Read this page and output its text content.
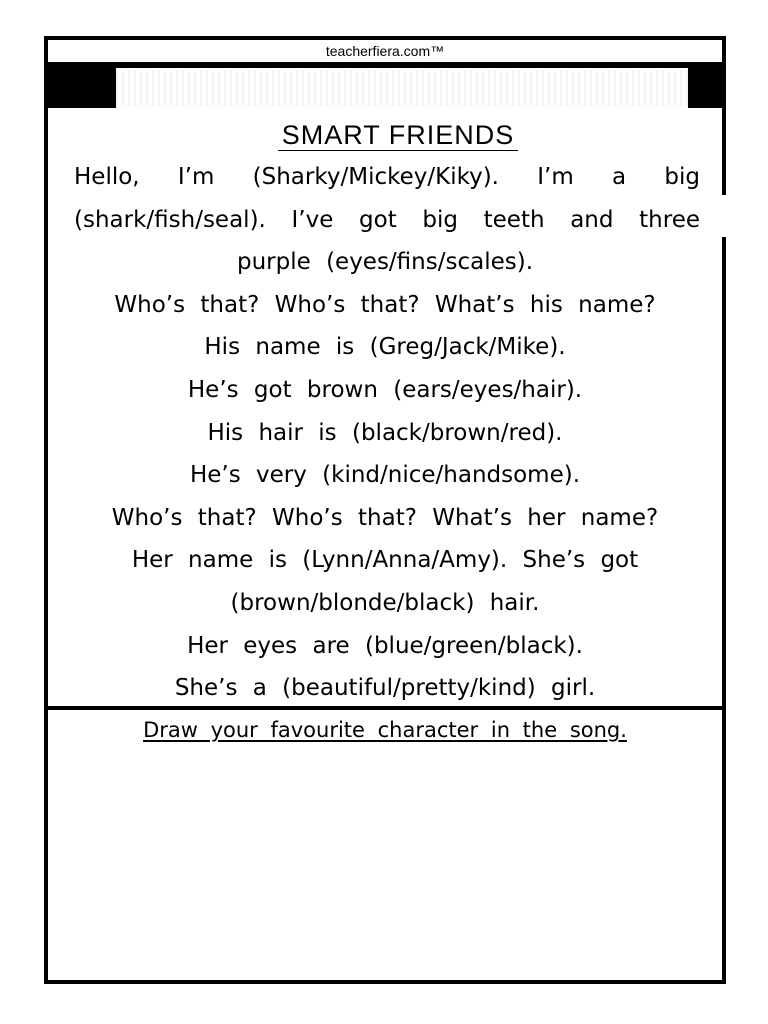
teacherfiera.com™
SMART FRIENDS
Hello, I’m (Sharky/Mickey/Kiky). I’m a big
(shark/fish/seal). I’ve got big teeth and three
purple (eyes/fins/scales).
Who’s that? Who’s that? What’s his name?
His name is (Greg/Jack/Mike).
He’s got brown (ears/eyes/hair).
His hair is (black/brown/red).
He’s very (kind/nice/handsome).
Who’s that? Who’s that? What’s her name?
Her name is (Lynn/Anna/Amy). She’s got
(brown/blonde/black) hair.
Her eyes are (blue/green/black).
She’s a (beautiful/pretty/kind) girl.
Draw your favourite character in the song.
